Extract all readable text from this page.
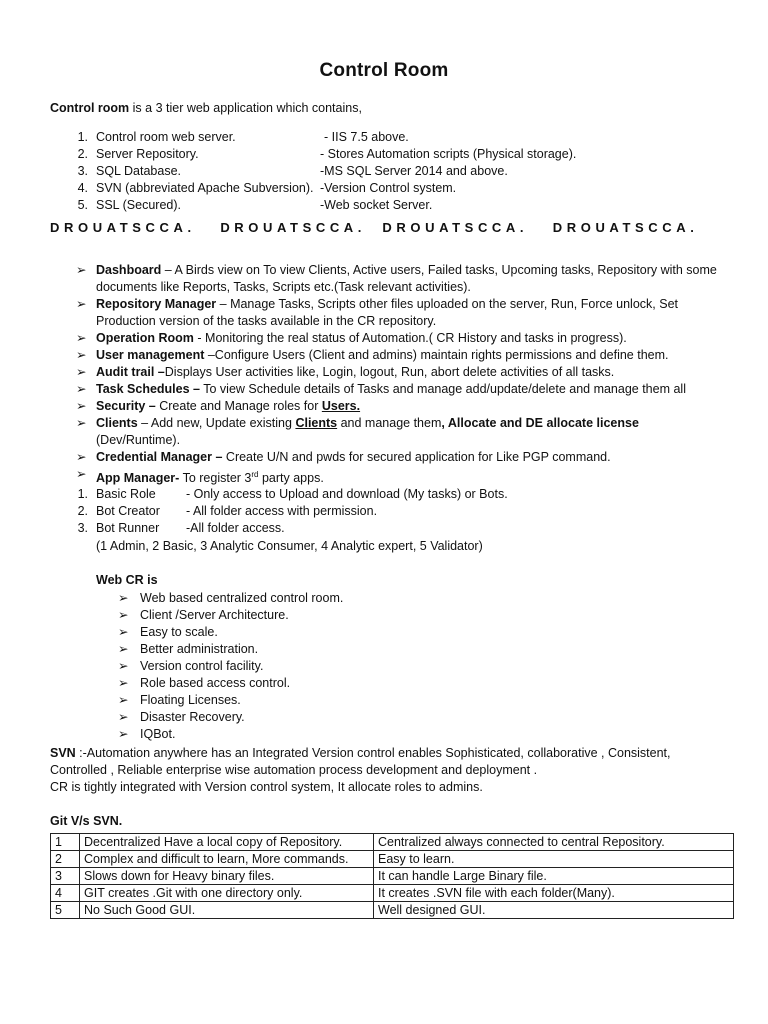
Control Room
Control room is a 3 tier web application which contains,
1. Control room web server.	- IIS 7.5 above.
2. Server Repository.	- Stores Automation scripts (Physical storage).
3. SQL Database.	-MS SQL Server 2014 and above.
4. SVN (abbreviated Apache Subversion). -Version Control system.
5. SSL (Secured).	-Web socket Server.
DROUATSCCA.   DROUATSCCA.  DROUATSCCA.   DROUATSCCA.
➢ Dashboard – A Birds view on To view Clients, Active users, Failed tasks, Upcoming tasks, Repository with some documents like Reports, Tasks, Scripts etc.(Task relevant activities).
➢ Repository Manager – Manage Tasks, Scripts other files uploaded on the server, Run, Force unlock, Set Production version of the tasks available in the CR repository.
➢ Operation Room - Monitoring the real status of Automation.( CR History and tasks in progress).
➢ User management –Configure Users (Client and admins) maintain rights permissions and define them.
➢ Audit trail –Displays User activities like, Login, logout, Run, abort delete activities of all tasks.
➢ Task Schedules – To view Schedule details of Tasks and manage add/update/delete and manage them all
➢ Security – Create and Manage roles for Users.
➢ Clients – Add new, Update existing Clients and manage them, Allocate and DE allocate license (Dev/Runtime).
➢ Credential Manager – Create U/N and pwds for secured application for Like PGP command.
➢ App Manager- To register 3rd party apps.
1. Basic Role - Only access to Upload and download (My tasks) or Bots.
2. Bot Creator - All folder access with permission.
3. Bot Runner -All folder access.
(1 Admin, 2 Basic, 3 Analytic Consumer, 4 Analytic expert, 5 Validator)
Web CR is
➢ Web based centralized control room.
➢ Client /Server Architecture.
➢ Easy to scale.
➢ Better administration.
➢ Version control facility.
➢ Role based access control.
➢ Floating Licenses.
➢ Disaster Recovery.
➢ IQBot.
SVN :-Automation anywhere has an Integrated Version control enables Sophisticated, collaborative , Consistent, Controlled , Reliable enterprise wise automation process development and deployment .
CR is tightly integrated with Version control system, It allocate roles to admins.
Git V/s SVN.
1	Decentralized Have a local copy of Repository.	Centralized always connected to central Repository.
2	Complex and difficult to learn, More commands.	Easy to learn.
3	Slows down for Heavy binary files.	It can handle Large Binary file.
4	GIT creates .Git with one directory only.	It creates .SVN file with each folder(Many).
5	No Such Good GUI.	Well designed GUI.
